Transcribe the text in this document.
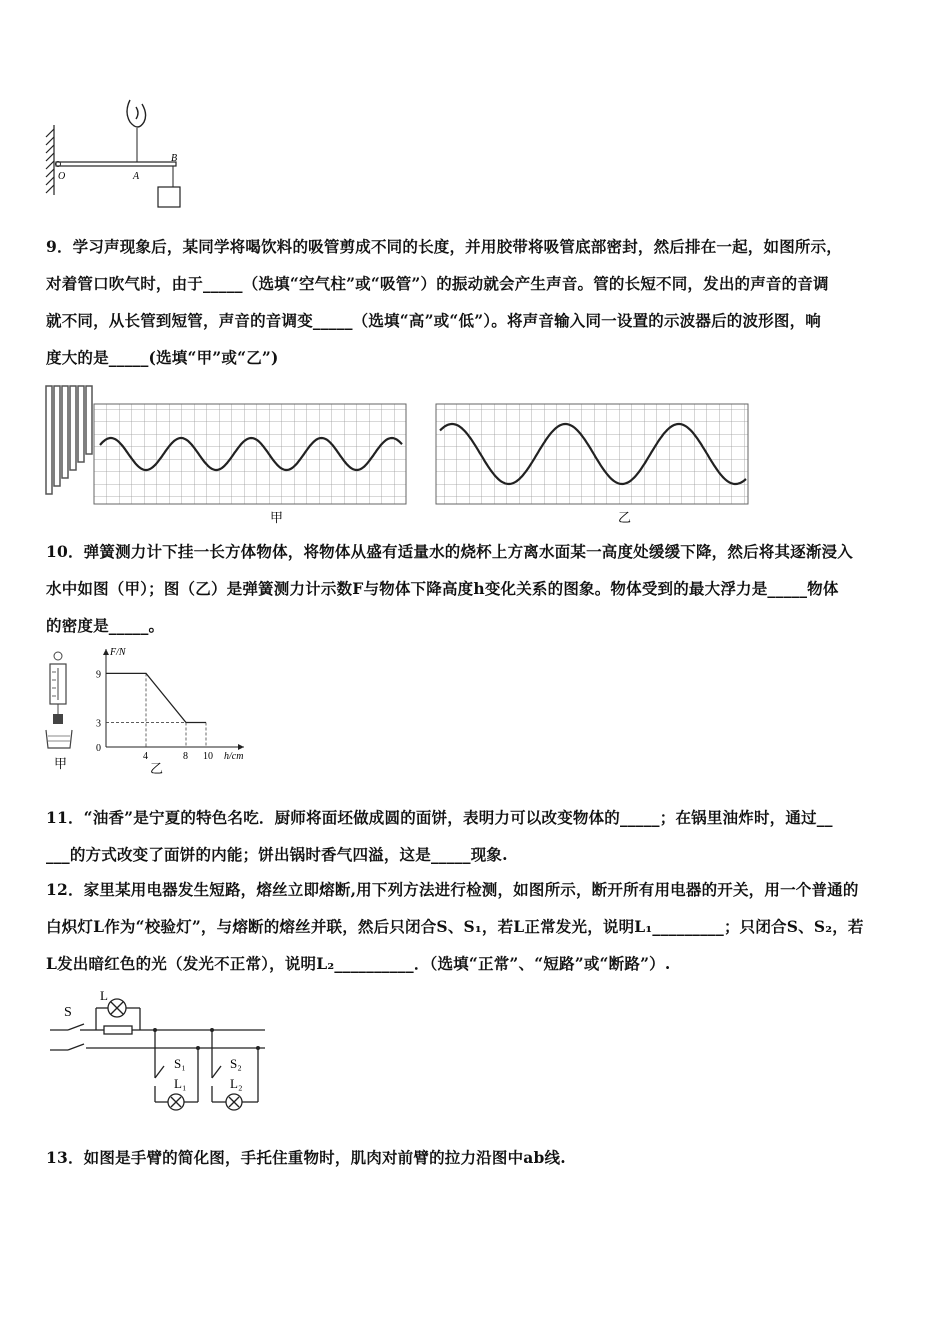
O	A
B
9．学习声现象后，某同学将喝饮料的吸管剪成不同的长度，并用胶带将吸管底部密封，然后排在一起，如图所示，
对着管口吹气时，由于_____（选填“空气柱”或“吸管”）的振动就会产生声音。管的长短不同，发出的声音的音调
就不同，从长管到短管，声音的音调变_____（选填“高”或“低”）。将声音输入同一设置的示波器后的波形图，响
度大的是_____(选填“甲”或“乙”)
甲	乙
10．弹簧测力计下挂一长方体物体，将物体从盛有适量水的烧杯上方离水面某一高度处缓缓下降，然后将其逐渐浸入
水中如图（甲）；图（乙）是弹簧测力计示数F与物体下降高度h变化关系的图象。物体受到的最大浮力是_____物体
的密度是_____。
甲
F/N
h/cm
0
3
9
4	8 10
乙
11．“油香”是宁夏的特色名吃．厨师将面坯做成圆的面饼，表明力可以改变物体的_____；在锅里油炸时，通过__
___的方式改变了面饼的内能；饼出锅时香气四溢，这是_____现象.
12．家里某用电器发生短路，熔丝立即熔断,用下列方法进行检测，如图所示，断开所有用电器的开关，用一个普通的
白炽灯L作为“校验灯”，与熔断的熔丝并联，然后只闭合S、S₁，若L正常发光，说明L₁_________；只闭合S、S₂，若
L发出暗红色的光（发光不正常），说明L₂__________．（选填“正常”、“短路”或“断路”）.
S
L
S₁
L₁
S₂
L₂
13．如图是手臂的简化图，手托住重物时，肌肉对前臂的拉力沿图中ab线.
